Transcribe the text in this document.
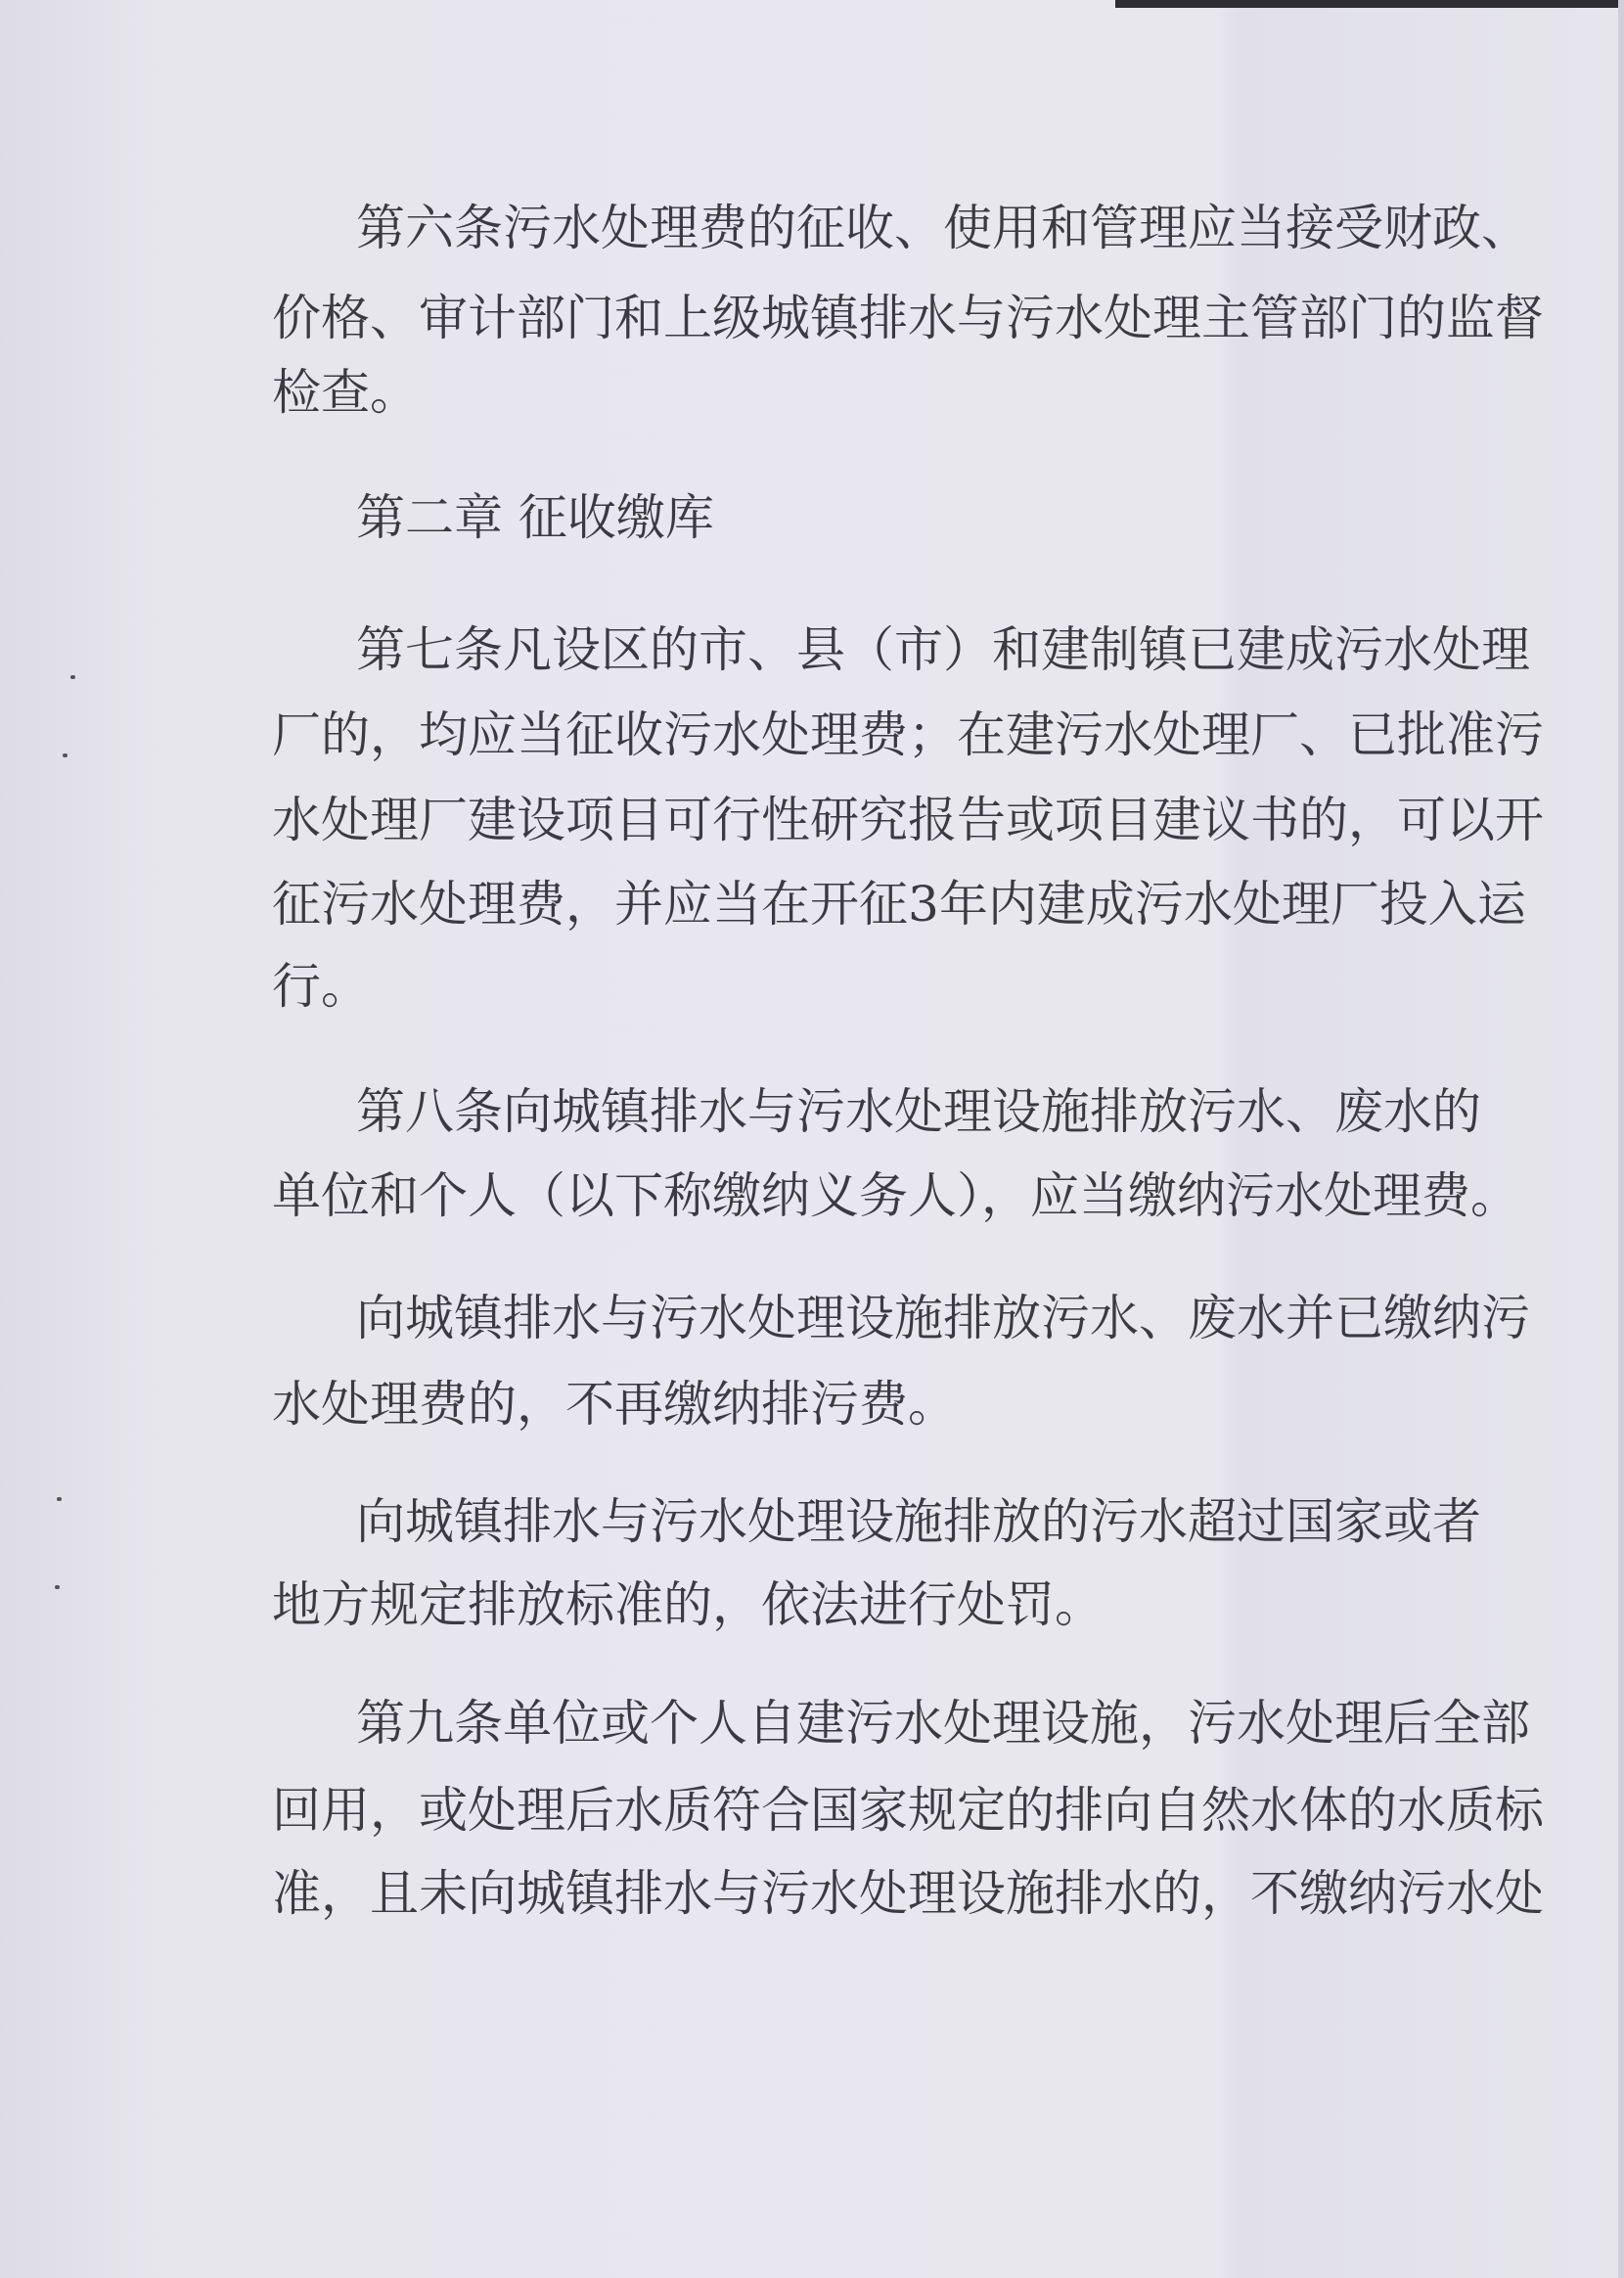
第 六 条 污 水 处 理 费 的 征 收 、 使 用 和 管 理 应 当 接 受 财 政 、
价 格 、 审 计 部 门 和 上 级 城 镇 排 水 与 污 水 处 理 主 管 部 门 的 监 督
检查。
第二章 征收缴库
第 七 条 凡 设 区 的 市 、 县 （ 市 ） 和 建 制 镇 已 建 成 污 水 处 理
厂 的 ， 均 应 当 征 收 污 水 处 理 费 ； 在 建 污 水 处 理 厂 、 已 批 准 污
水 处 理 厂 建 设 项 目 可 行 性 研 究 报 告 或 项 目 建 议 书 的 ， 可 以 开
征 污 水 处 理 费 ， 并 应 当 在 开 征 3 年 内 建 成 污 水 处 理 厂 投 入 运
行。
第 八 条 向 城 镇 排 水 与 污 水 处 理 设 施 排 放 污 水 、 废 水 的
单位和个人（以下称缴纳义务人），应当缴纳污水处理费。
向 城 镇 排 水 与 污 水 处 理 设 施 排 放 污 水 、 废 水 并 已 缴 纳 污
水处理费的，不再缴纳排污费。
向城镇排水与污水处理设施排放的污水超过国家或者
地方规定排放标准的，依法进行处罚。
第 九 条 单 位 或 个 人 自 建 污 水 处 理 设 施 ， 污 水 处 理 后 全 部
回 用 ， 或 处 理 后 水 质 符 合 国 家 规 定 的 排 向 自 然 水 体 的 水 质 标
准 ， 且 未 向 城 镇 排 水 与 污 水 处 理 设 施 排 水 的 ， 不 缴 纳 污 水 处
